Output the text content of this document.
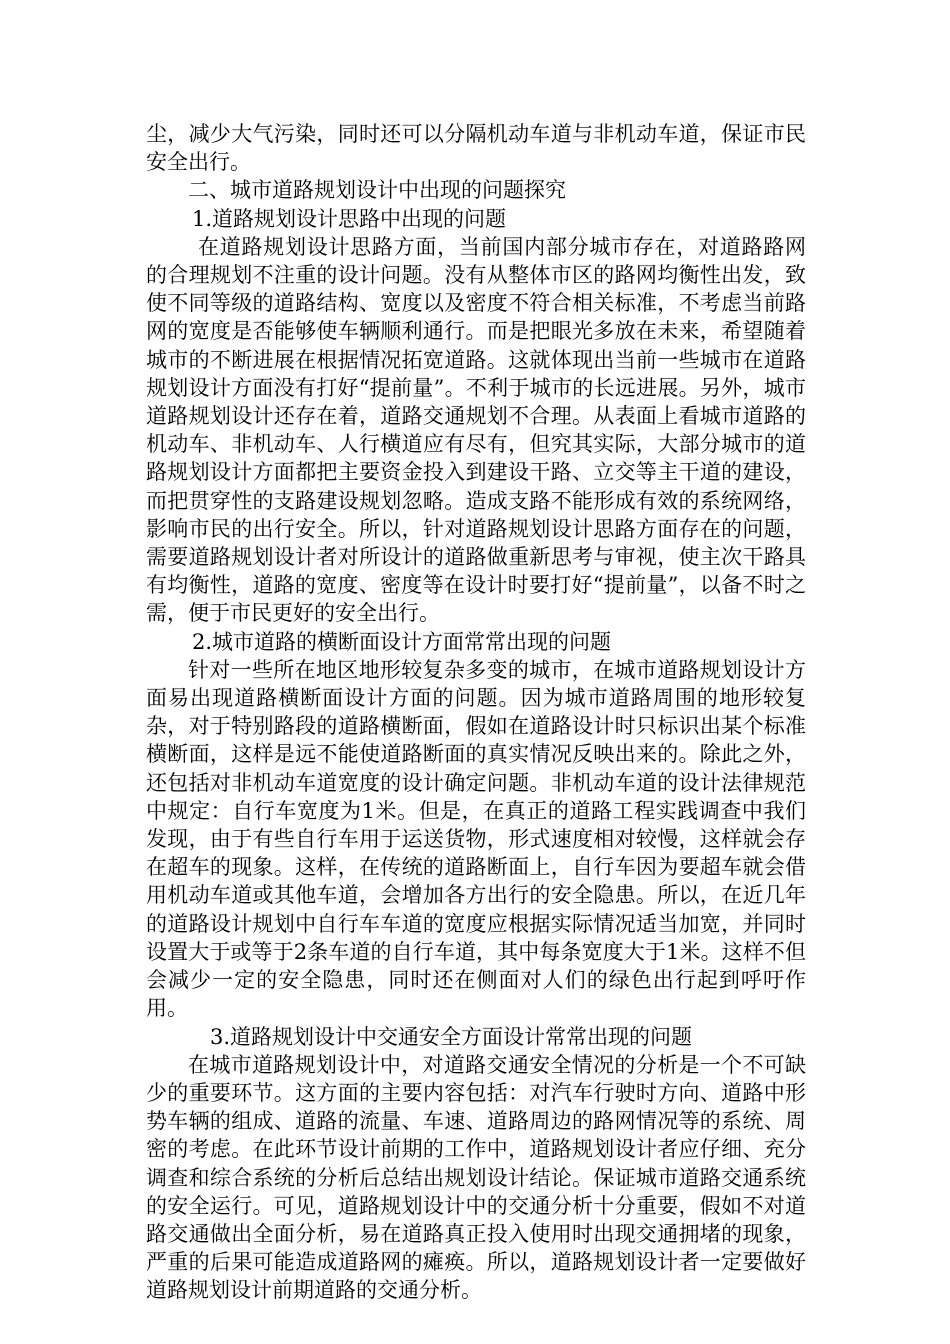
尘，减少大气污染，同时还可以分隔机动车道与非机动车道，保证市民安全出行。

二、城市道路规划设计中出现的问题探究

1.道路规划设计思路中出现的问题

在道路规划设计思路方面，当前国内部分城市存在，对道路路网的合理规划不注重的设计问题。没有从整体市区的路网均衡性出发，致使不同等级的道路结构、宽度以及密度不符合相关标准，不考虑当前路网的宽度是否能够使车辆顺利通行。而是把眼光多放在未来，希望随着城市的不断进展在根据情况拓宽道路。这就体现出当前一些城市在道路规划设计方面没有打好“提前量”。不利于城市的长远进展。另外，城市道路规划设计还存在着，道路交通规划不合理。从表面上看城市道路的机动车、非机动车、人行横道应有尽有，但究其实际，大部分城市的道路规划设计方面都把主要资金投入到建设干路、立交等主干道的建设，而把贯穿性的支路建设规划忽略。造成支路不能形成有效的系统网络，影响市民的出行安全。所以，针对道路规划设计思路方面存在的问题，需要道路规划设计者对所设计的道路做重新思考与审视，使主次干路具有均衡性，道路的宽度、密度等在设计时要打好“提前量”，以备不时之需，便于市民更好的安全出行。

2.城市道路的横断面设计方面常常出现的问题

针对一些所在地区地形较复杂多变的城市，在城市道路规划设计方面易出现道路横断面设计方面的问题。因为城市道路周围的地形较复杂，对于特别路段的道路横断面，假如在道路设计时只标识出某个标准横断面，这样是远不能使道路断面的真实情况反映出来的。除此之外，还包括对非机动车道宽度的设计确定问题。非机动车道的设计法律规范中规定：自行车宽度为1米。但是，在真正的道路工程实践调查中我们发现，由于有些自行车用于运送货物，形式速度相对较慢，这样就会存在超车的现象。这样，在传统的道路断面上，自行车因为要超车就会借用机动车道或其他车道，会增加各方出行的安全隐患。所以，在近几年的道路设计规划中自行车车道的宽度应根据实际情况适当加宽，并同时设置大于或等于2条车道的自行车道，其中每条宽度大于1米。这样不但会减少一定的安全隐患，同时还在侧面对人们的绿色出行起到呼吁作用。

3.道路规划设计中交通安全方面设计常常出现的问题

在城市道路规划设计中，对道路交通安全情况的分析是一个不可缺少的重要环节。这方面的主要内容包括：对汽车行驶时方向、道路中形势车辆的组成、道路的流量、车速、道路周边的路网情况等的系统、周密的考虑。在此环节设计前期的工作中，道路规划设计者应仔细、充分调查和综合系统的分析后总结出规划设计结论。保证城市道路交通系统的安全运行。可见，道路规划设计中的交通分析十分重要，假如不对道路交通做出全面分析，易在道路真正投入使用时出现交通拥堵的现象，严重的后果可能造成道路网的瘫痪。所以，道路规划设计者一定要做好道路规划设计前期道路的交通分析。
